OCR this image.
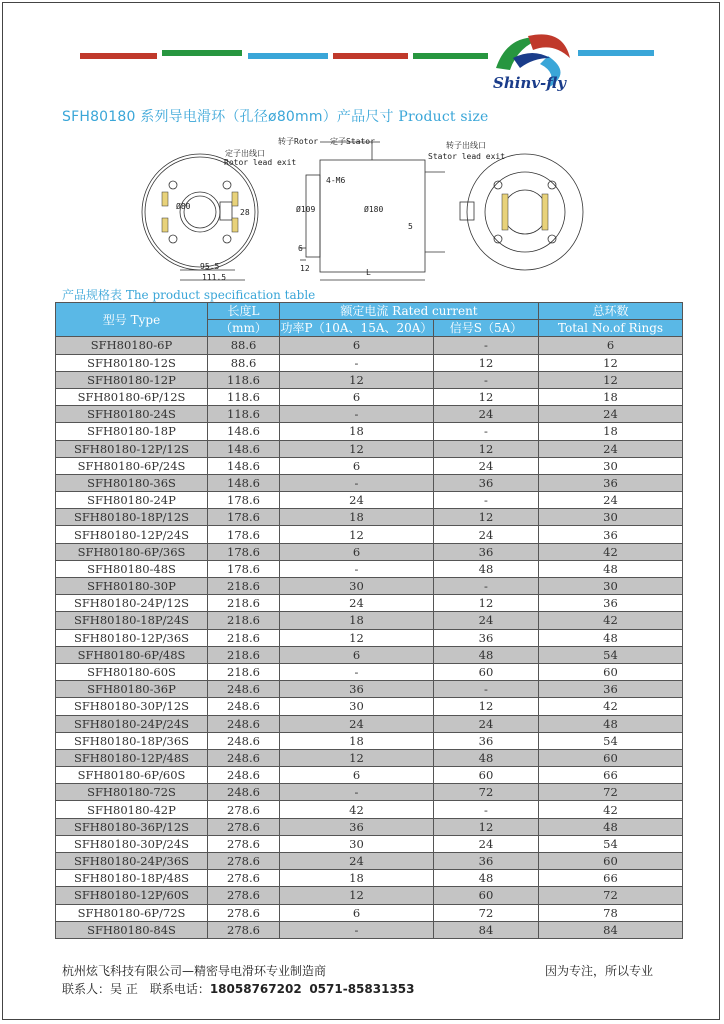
Shinv-fly
SFH80180 系列导电滑环（孔径ø80mm）产品尺寸 Product size
定子出线口
Rotor lead exit
转子Rotor 定子Stator	转子出线口
Stator lead exit
4-M6
Ø80
28
95.5
111.5
Ø109	Ø180
6
12
5
L
产品规格表 The product specification table
型号 Type	长度L	额定电流 Rated current		总环数
	（mm）	功率P（10A、15A、20A）	信号S（5A）	Total No.of Rings
SFH80180-6P	88.6	6	-	6
SFH80180-12S	88.6	-	12	12
SFH80180-12P	118.6	12	-	12
SFH80180-6P/12S	118.6	6	12	18
SFH80180-24S	118.6	-	24	24
SFH80180-18P	148.6	18	-	18
SFH80180-12P/12S	148.6	12	12	24
SFH80180-6P/24S	148.6	6	24	30
SFH80180-36S	148.6	-	36	36
SFH80180-24P	178.6	24	-	24
SFH80180-18P/12S	178.6	18	12	30
SFH80180-12P/24S	178.6	12	24	36
SFH80180-6P/36S	178.6	6	36	42
SFH80180-48S	178.6	-	48	48
SFH80180-30P	218.6	30	-	30
SFH80180-24P/12S	218.6	24	12	36
SFH80180-18P/24S	218.6	18	24	42
SFH80180-12P/36S	218.6	12	36	48
SFH80180-6P/48S	218.6	6	48	54
SFH80180-60S	218.6	-	60	60
SFH80180-36P	248.6	36	-	36
SFH80180-30P/12S	248.6	30	12	42
SFH80180-24P/24S	248.6	24	24	48
SFH80180-18P/36S	248.6	18	36	54
SFH80180-12P/48S	248.6	12	48	60
SFH80180-6P/60S	248.6	6	60	66
SFH80180-72S	248.6	-	72	72
SFH80180-42P	278.6	42	-	42
SFH80180-36P/12S	278.6	36	12	48
SFH80180-30P/24S	278.6	30	24	54
SFH80180-24P/36S	278.6	24	36	60
SFH80180-18P/48S	278.6	18	48	66
SFH80180-12P/60S	278.6	12	60	72
SFH80180-6P/72S	278.6	6	72	78
SFH80180-84S	278.6	-	84	84
杭州炫飞科技有限公司—精密导电滑环专业制造商	因为专注，所以专业
联系人：吴 正　联系电话：18058767202 0571-85831353
